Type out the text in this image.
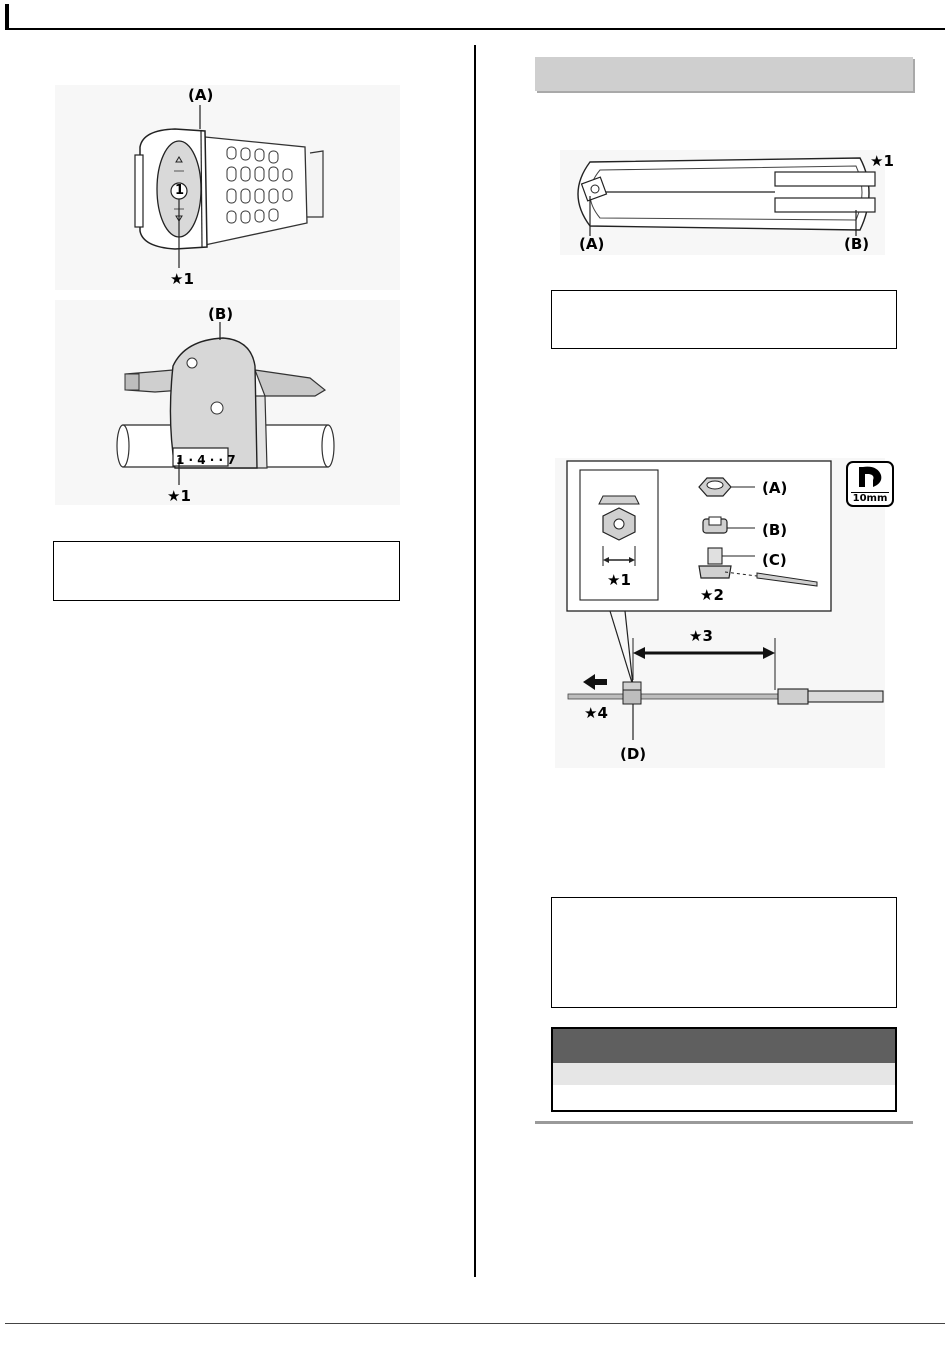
(A)
1
★1
(B)
1 · 4 · · 7
★1
★1
(A)	(B)
(A)
(B)
(C)
★1
★2
★3
★4
(D)
10mm
